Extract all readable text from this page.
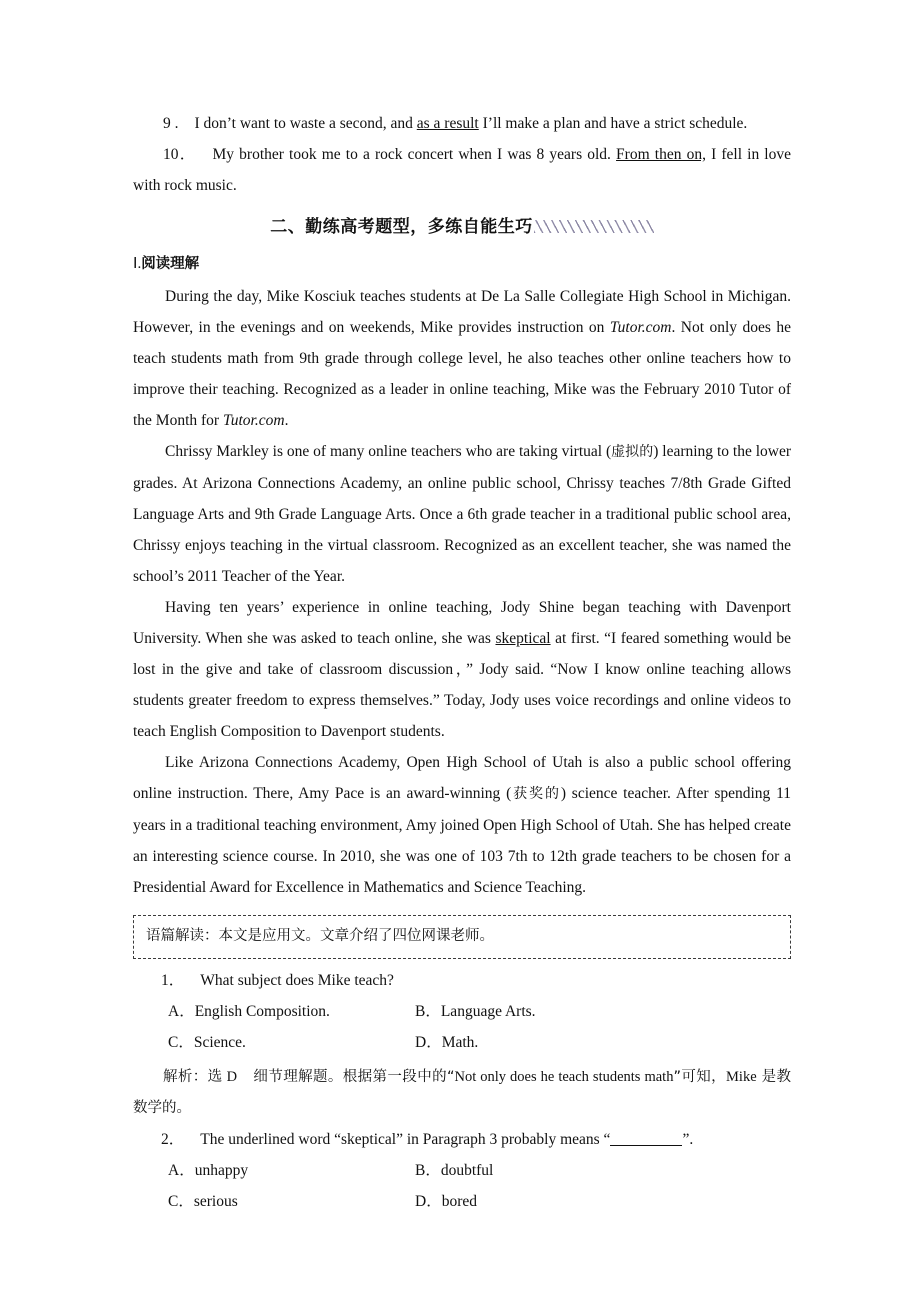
9 . I don’t want to waste a second, and as a result I’ll make a plan and have a strict schedule.

10． My brother took me to a rock concert when I was 8 years old. From then on, I fell in love with rock music.

二、勤练高考题型，多练自能生巧
Ⅰ.阅读理解

During the day, Mike Kosciuk teaches students at De La Salle Collegiate High School in Michigan. However, in the evenings and on weekends, Mike provides instruction on Tutor.com. Not only does he teach students math from 9th grade through college level, he also teaches other online teachers how to improve their teaching. Recognized as a leader in online teaching, Mike was the February 2010 Tutor of the Month for Tutor.com.

Chrissy Markley is one of many online teachers who are taking virtual (虚拟的) learning to the lower grades. At Arizona Connections Academy, an online public school, Chrissy teaches 7/8th Grade Gifted Language Arts and 9th Grade Language Arts. Once a 6th grade teacher in a traditional public school area, Chrissy enjoys teaching in the virtual classroom. Recognized as an excellent teacher, she was named the school’s 2011 Teacher of the Year.

Having ten years’ experience in online teaching, Jody Shine began teaching with Davenport University. When she was asked to teach online, she was skeptical at first. “I feared something would be lost in the give and take of classroom discussion，” Jody said. “Now I know online teaching allows students greater freedom to express themselves.” Today, Jody uses voice recordings and online videos to teach English Composition to Davenport students.

Like Arizona Connections Academy, Open High School of Utah is also a public school offering online instruction. There, Amy Pace is an award-winning (获奖的) science teacher. After spending 11 years in a traditional teaching environment, Amy joined Open High School of Utah. She has helped create an interesting science course. In 2010, she was one of 103 7th to 12th grade teachers to be chosen for a Presidential Award for Excellence in Mathematics and Science Teaching.

语篇解读：本文是应用文。文章介绍了四位网课老师。

1． What subject does Mike teach?

A．English Composition.	B．Language Arts.
C．Science.	D．Math.

解析：选 D 细节理解题。根据第一段中的“Not only does he teach students math”可知，Mike 是教数学的。

2． The underlined word “skeptical” in Paragraph 3 probably means “	”.

A．unhappy	B．doubtful
C．serious	D．bored
